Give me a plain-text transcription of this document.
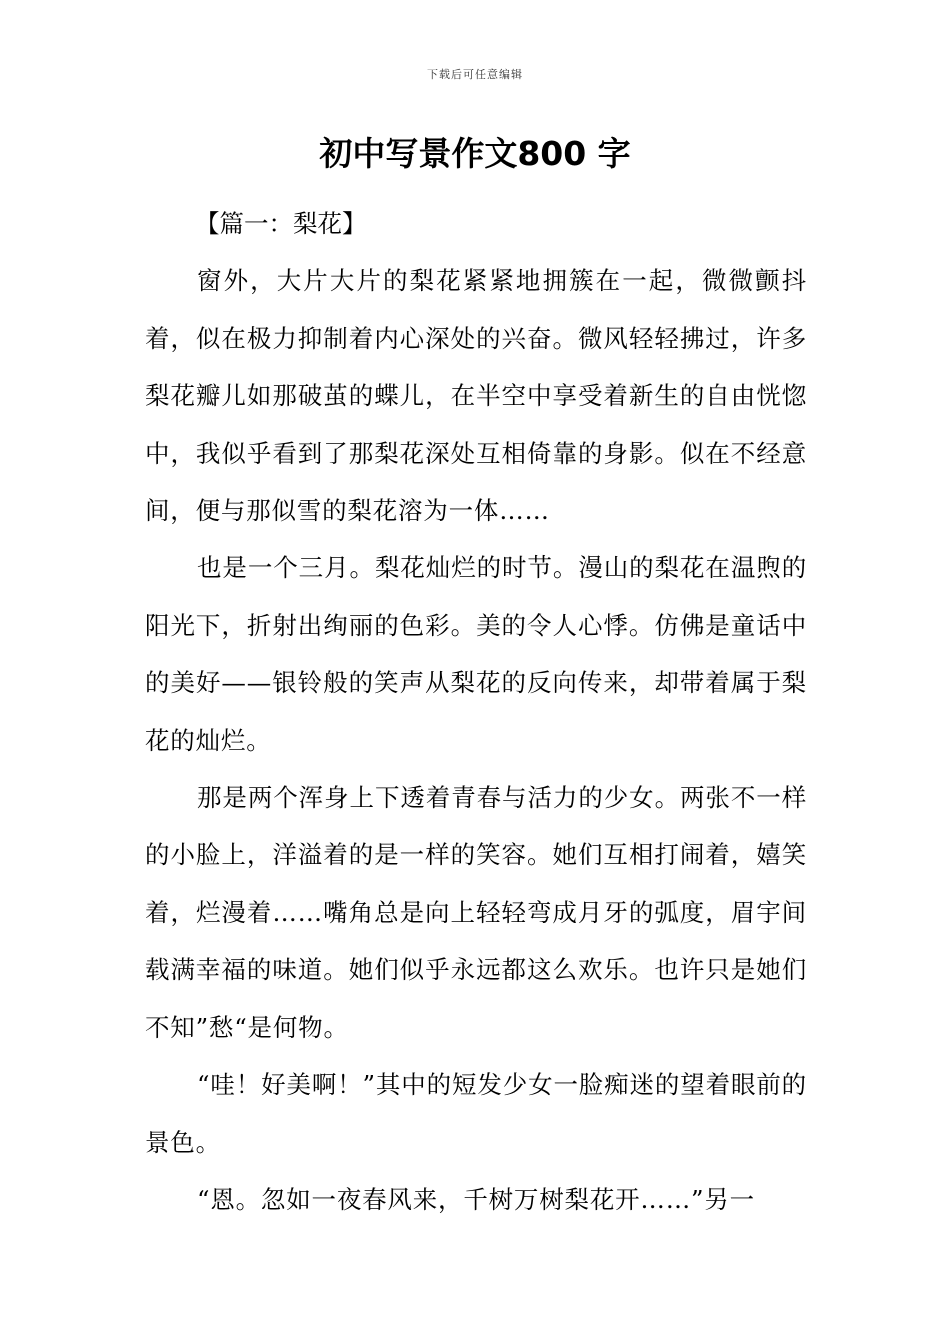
下载后可任意编辑
初中写景作文800 字

【篇一：梨花】

窗外，大片大片的梨花紧紧地拥簇在一起，微微颤抖着，似在极力抑制着内心深处的兴奋。微风轻轻拂过，许多梨花瓣儿如那破茧的蝶儿，在半空中享受着新生的自由恍惚中，我似乎看到了那梨花深处互相倚靠的身影。似在不经意间，便与那似雪的梨花溶为一体……

也是一个三月。梨花灿烂的时节。漫山的梨花在温煦的阳光下，折射出绚丽的色彩。美的令人心悸。仿佛是童话中的美好——银铃般的笑声从梨花的反向传来，却带着属于梨花的灿烂。

那是两个浑身上下透着青春与活力的少女。两张不一样的小脸上，洋溢着的是一样的笑容。她们互相打闹着，嬉笑着，烂漫着……嘴角总是向上轻轻弯成月牙的弧度，眉宇间载满幸福的味道。她们似乎永远都这么欢乐。也许只是她们不知”愁“是何物。

“哇！好美啊！”其中的短发少女一脸痴迷的望着眼前的景色。

“恩。忽如一夜春风来，千树万树梨花开……”另一
